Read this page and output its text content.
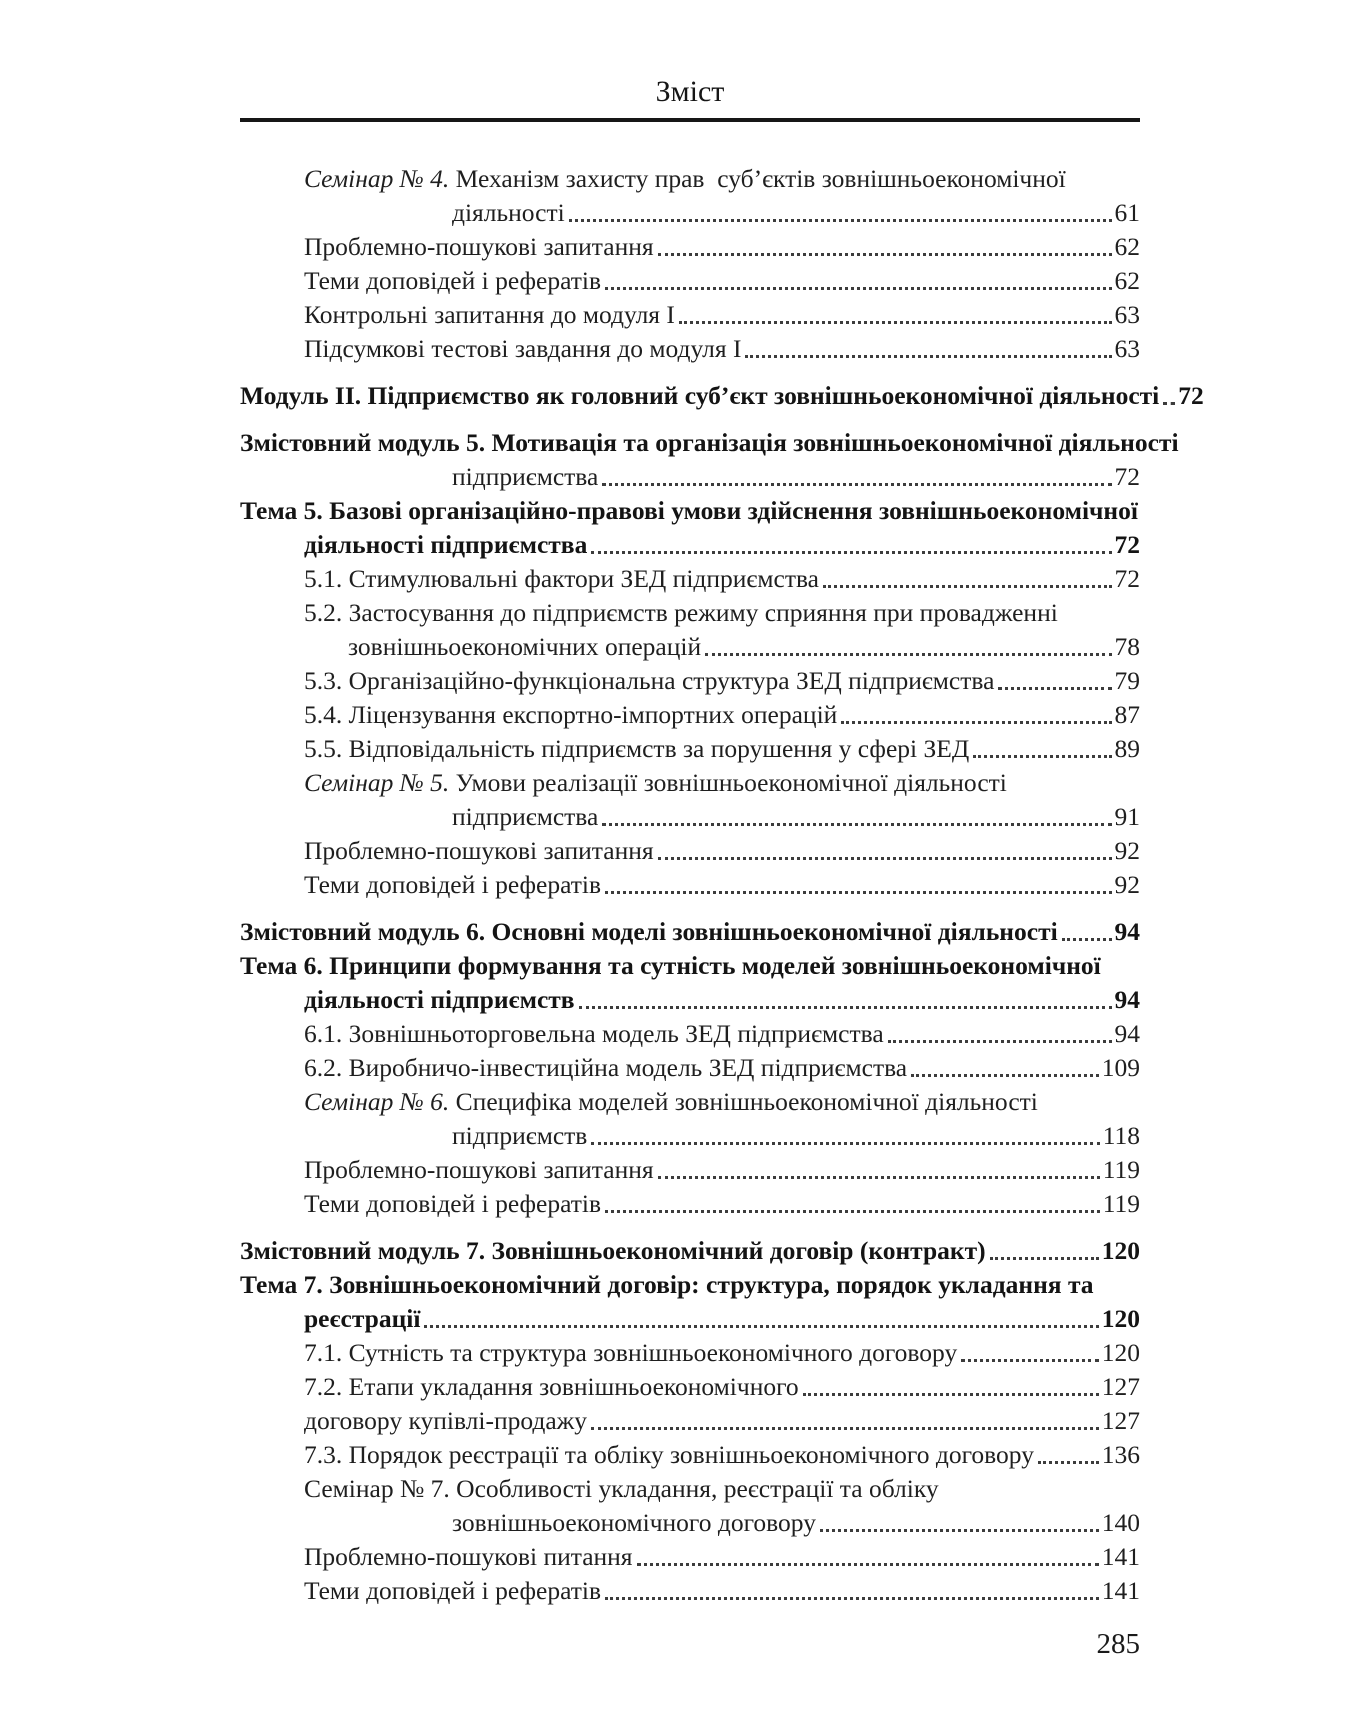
Зміст
Семінар № 4. Механізм захисту прав  суб’єктів зовнішньоекономічної
діяльності	61
Проблемно-пошукові запитання	62
Теми доповідей і рефератів	62
Контрольні запитання до модуля I	63
Підсумкові тестові завдання до модуля I	63
Модуль II. Підприємство як головний суб’єкт зовнішньоекономічної діяльності 72
Змістовний модуль 5. Мотивація та організація зовнішньоекономічної діяльності
підприємства	72
Тема 5. Базові організаційно-правові умови здійснення зовнішньоекономічної
діяльності підприємства	72
5.1. Стимулювальні фактори ЗЕД підприємства	72
5.2. Застосування до підприємств режиму сприяння при провадженні
зовнішньоекономічних операцій	78
5.3. Організаційно-функціональна структура ЗЕД підприємства	79
5.4. Ліцензування експортно-імпортних операцій	87
5.5. Відповідальність підприємств за порушення у сфері ЗЕД	89
Семінар № 5. Умови реалізації зовнішньоекономічної діяльності
підприємства	91
Проблемно-пошукові запитання	92
Теми доповідей і рефератів	92
Змістовний модуль 6. Основні моделі зовнішньоекономічної діяльності 94
Тема 6. Принципи формування та сутність моделей зовнішньоекономічної
діяльності підприємств	94
6.1. Зовнішньоторговельна модель ЗЕД підприємства	94
6.2. Виробничо-інвестиційна модель ЗЕД підприємства	109
Семінар № 6. Специфіка моделей зовнішньоекономічної діяльності
підприємств	118
Проблемно-пошукові запитання	119
Теми доповідей і рефератів	119
Змістовний модуль 7. Зовнішньоекономічний договір (контракт)	120
Тема 7. Зовнішньоекономічний договір: структура, порядок укладання та
реєстрації	120
7.1. Сутність та структура зовнішньоекономічного договору	120
7.2. Етапи укладання зовнішньоекономічного	127
договору купівлі-продажу	127
7.3. Порядок реєстрації та обліку зовнішньоекономічного договору	136
Семінар № 7. Особливості укладання, реєстрації та обліку
зовнішньоекономічного договору	140
Проблемно-пошукові питання	141
Теми доповідей і рефератів	141
285
